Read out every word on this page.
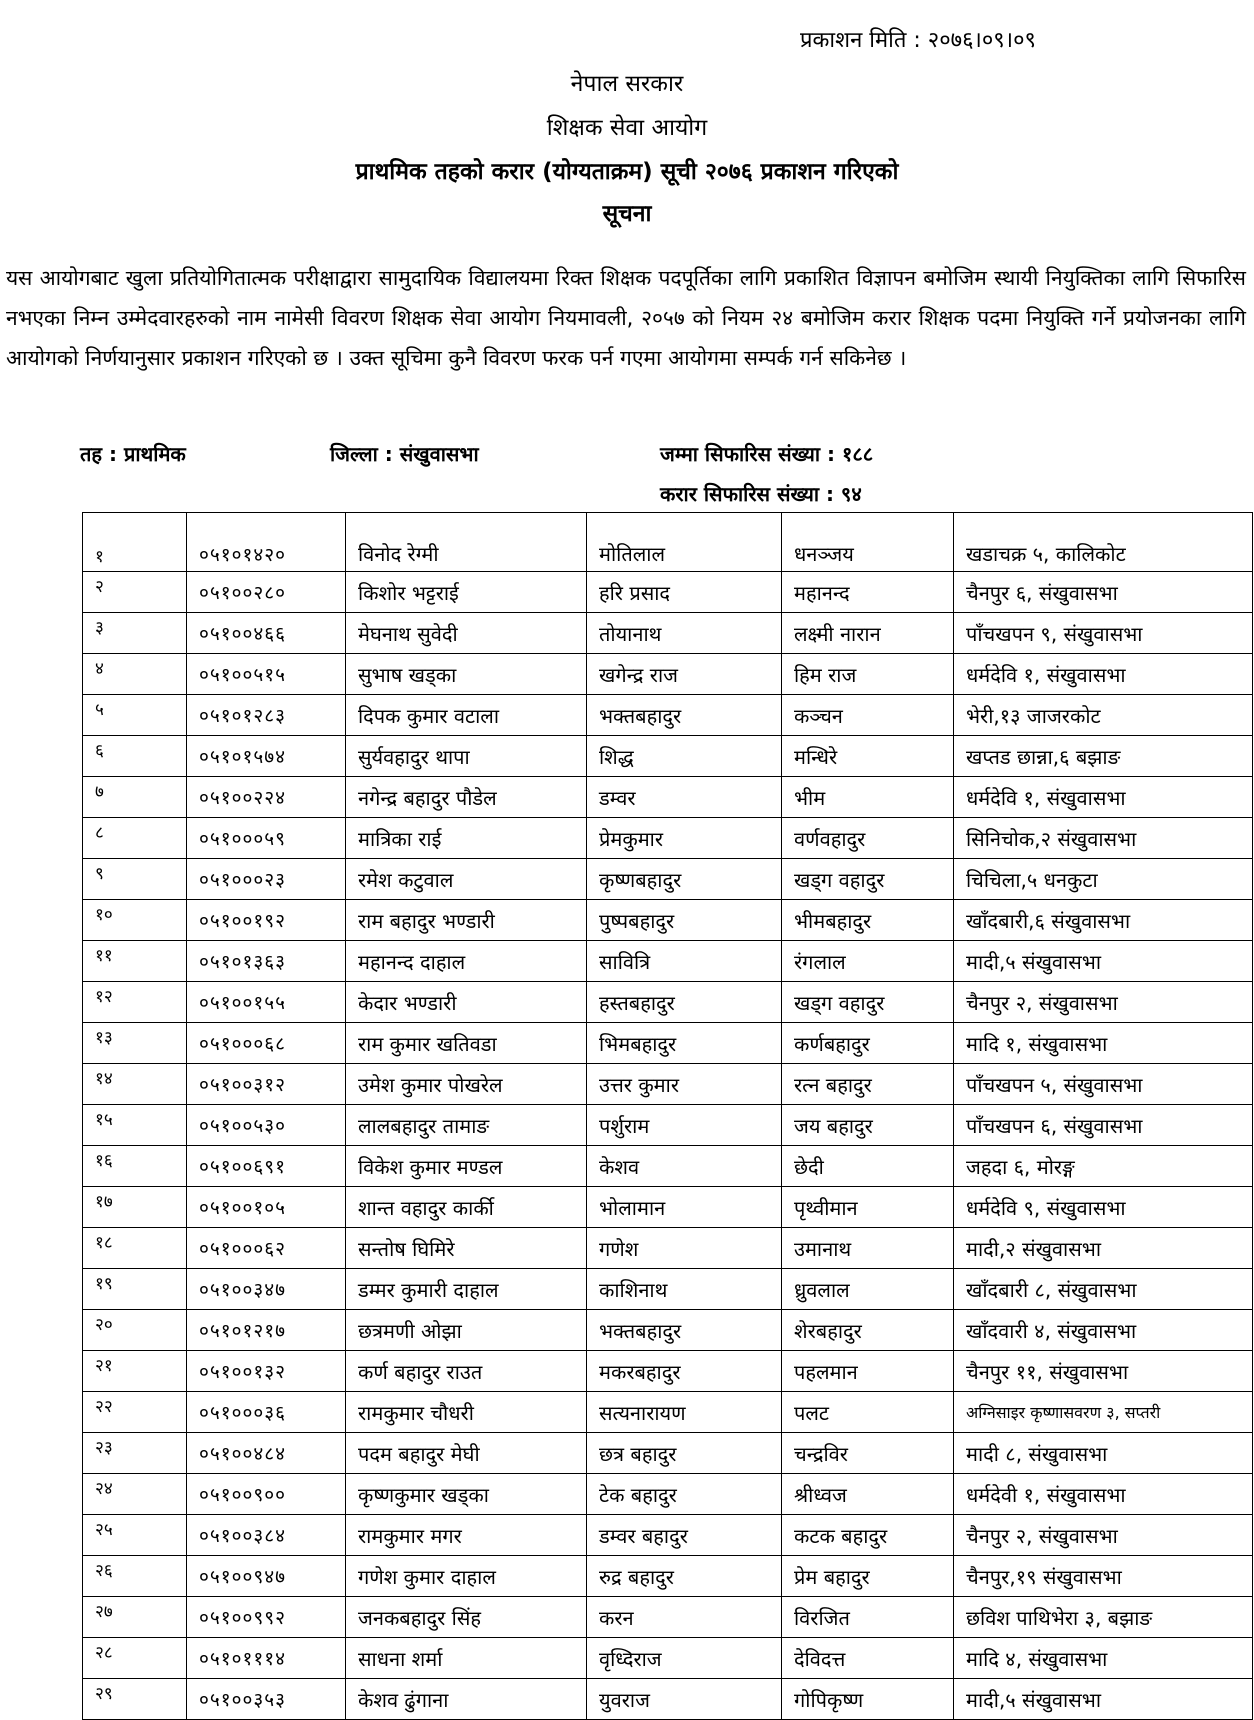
प्रकाशन मिति : २०७६।०९।०९
नेपाल सरकार
शिक्षक सेवा आयोग
प्राथमिक तहको करार (योग्यताक्रम) सूची २०७६ प्रकाशन गरिएको
सूचना
यस आयोगबाट खुला प्रतियोगितात्मक परीक्षाद्वारा सामुदायिक विद्यालयमा रिक्त शिक्षक पदपूर्तिका लागि प्रकाशित विज्ञापन बमोजिम स्थायी नियुक्तिका लागि सिफारिस नभएका निम्न उम्मेदवारहरुको नाम नामेसी विवरण शिक्षक सेवा आयोग नियमावली, २०५७ को नियम २४ बमोजिम करार शिक्षक पदमा नियुक्ति गर्ने प्रयोजनका लागि आयोगको निर्णयानुसार प्रकाशन गरिएको छ । उक्त सूचिमा कुनै विवरण फरक पर्न गएमा आयोगमा सम्पर्क गर्न सकिनेछ ।
तह : प्राथमिक	जिल्ला : संखुवासभा	जम्मा सिफारिस संख्या : १८८
करार सिफारिस संख्या : ९४
१	०५१०१४२०	विनोद रेग्मी	मोतिलाल	धनञ्जय	खडाचक्र ५, कालिकोट
२	०५१००२८०	किशोर भट्टराई	हरि प्रसाद	महानन्द	चैनपुर ६, संखुवासभा
३	०५१००४६६	मेघनाथ सुवेदी	तोयानाथ	लक्ष्मी नारान	पाँचखपन ९, संखुवासभा
४	०५१००५१५	सुभाष खड्का	खगेन्द्र राज	हिम राज	धर्मदेवि १, संखुवासभा
५	०५१०१२८३	दिपक कुमार वटाला	भक्तबहादुर	कञ्चन	भेरी,१३ जाजरकोट
६	०५१०१५७४	सुर्यवहादुर थापा	शिद्ध	मन्धिरे	खप्तड छान्ना,६ बझाङ
७	०५१००२२४	नगेन्द्र बहादुर पौडेल	डम्वर	भीम	धर्मदेवि १, संखुवासभा
८	०५१०००५९	मात्रिका राई	प्रेमकुमार	वर्णवहादुर	सिनिचोक,२ संखुवासभा
९	०५१०००२३	रमेश कटुवाल	कृष्णबहादुर	खड्ग वहादुर	चिचिला,५ धनकुटा
१०	०५१००१९२	राम बहादुर भण्डारी	पुष्पबहादुर	भीमबहादुर	खाँदबारी,६ संखुवासभा
११	०५१०१३६३	महानन्द दाहाल	सावित्रि	रंगलाल	मादी,५ संखुवासभा
१२	०५१००१५५	केदार भण्डारी	हस्तबहादुर	खड्ग वहादुर	चैनपुर २, संखुवासभा
१३	०५१०००६८	राम कुमार खतिवडा	भिमबहादुर	कर्णबहादुर	मादि १, संखुवासभा
१४	०५१००३१२	उमेश कुमार पोखरेल	उत्तर कुमार	रत्न बहादुर	पाँचखपन ५, संखुवासभा
१५	०५१००५३०	लालबहादुर तामाङ	पर्शुराम	जय बहादुर	पाँचखपन ६, संखुवासभा
१६	०५१००६९१	विकेश कुमार मण्डल	केशव	छेदी	जहदा ६, मोरङ्ग
१७	०५१००१०५	शान्त वहादुर कार्की	भोलामान	पृथ्वीमान	धर्मदेवि ९, संखुवासभा
१८	०५१०००६२	सन्तोष घिमिरे	गणेश	उमानाथ	मादी,२ संखुवासभा
१९	०५१००३४७	डम्मर कुमारी दाहाल	काशिनाथ	ध्रुवलाल	खाँदबारी ८, संखुवासभा
२०	०५१०१२१७	छत्रमणी ओझा	भक्तबहादुर	शेरबहादुर	खाँदवारी ४, संखुवासभा
२१	०५१००१३२	कर्ण बहादुर राउत	मकरबहादुर	पहलमान	चैनपुर ११, संखुवासभा
२२	०५१०००३६	रामकुमार चौधरी	सत्यनारायण	पलट	अग्निसाइर कृष्णासवरण ३, सप्तरी
२३	०५१००४८४	पदम बहादुर मेघी	छत्र बहादुर	चन्द्रविर	मादी ८, संखुवासभा
२४	०५१००९००	कृष्णकुमार खड्का	टेक बहादुर	श्रीध्वज	धर्मदेवी १, संखुवासभा
२५	०५१००३८४	रामकुमार मगर	डम्वर बहादुर	कटक बहादुर	चैनपुर २, संखुवासभा
२६	०५१००९४७	गणेश कुमार दाहाल	रुद्र बहादुर	प्रेम बहादुर	चैनपुर,१९ संखुवासभा
२७	०५१००९९२	जनकबहादुर सिंह	करन	विरजित	छविश पाथिभेरा ३, बझाङ
२८	०५१०१११४	साधना शर्मा	वृध्दिराज	देविदत्त	मादि ४, संखुवासभा
२९	०५१००३५३	केशव ढुंगाना	युवराज	गोपिकृष्ण	मादी,५ संखुवासभा
